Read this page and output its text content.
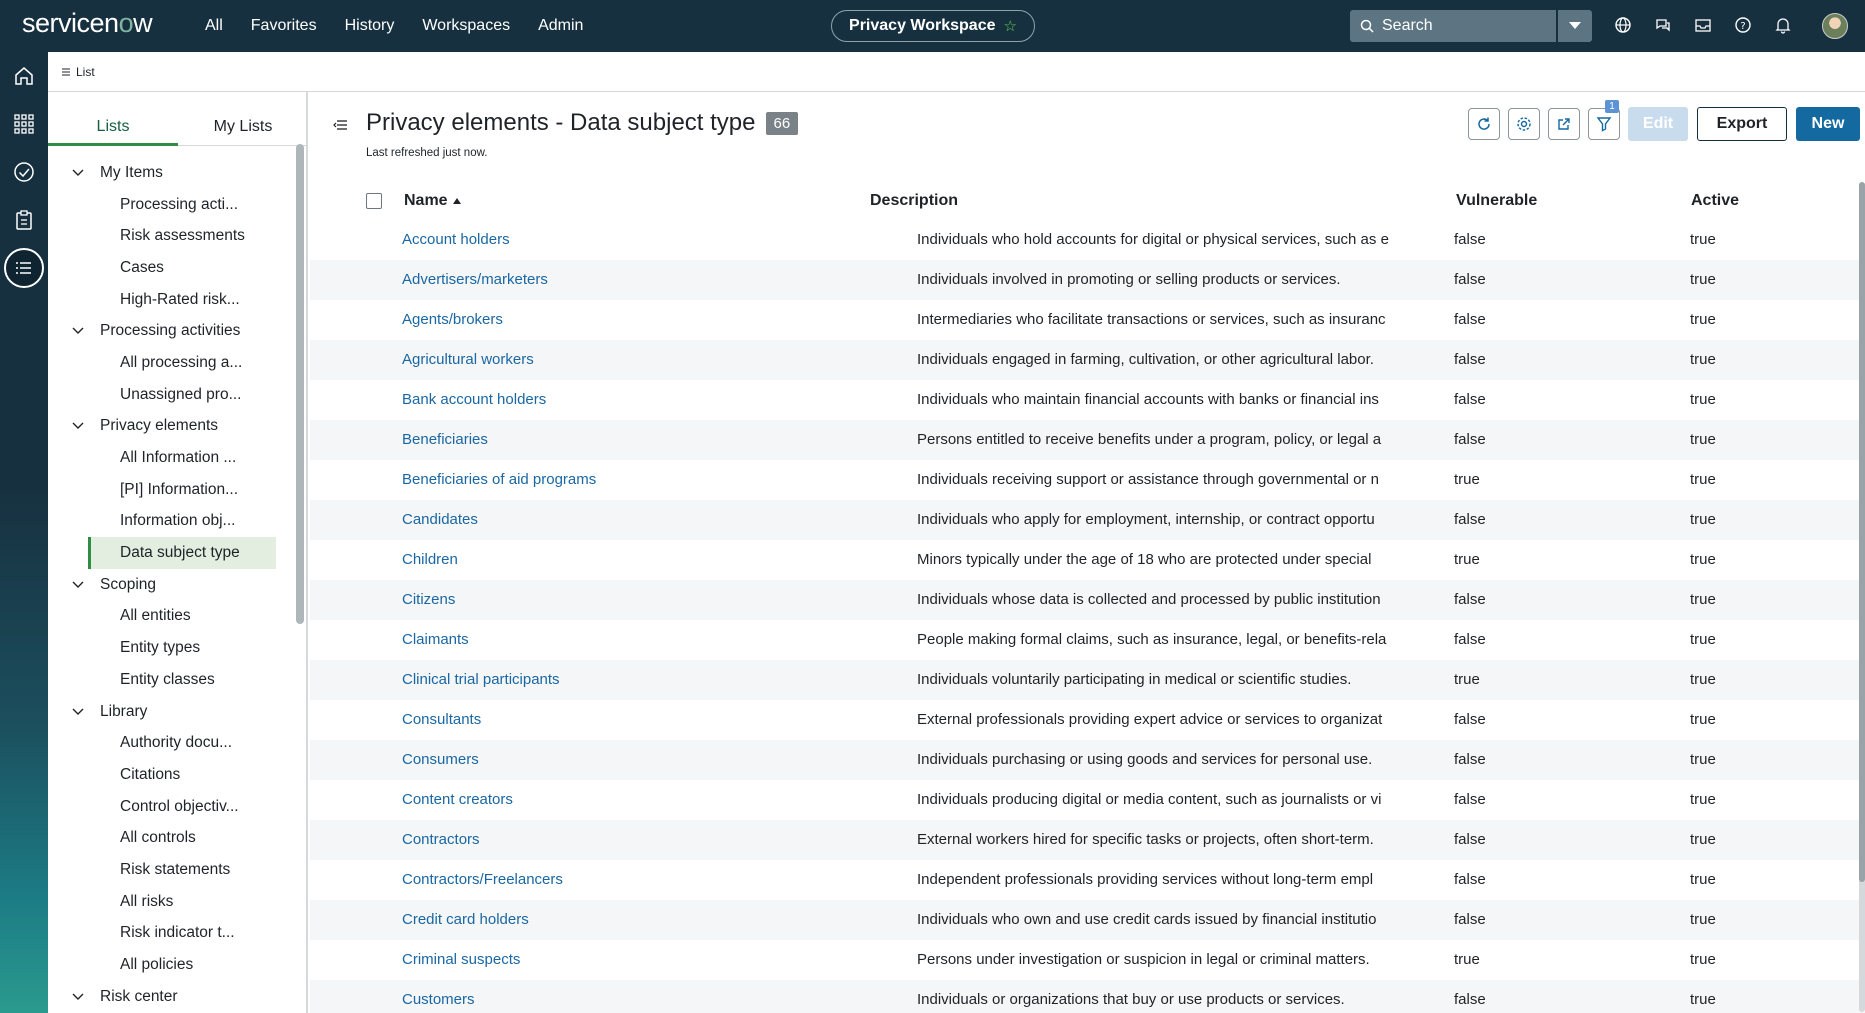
servicenow	All Favorites History Workspaces Admin	Privacy Workspace ☆	Search	?
List
Lists	My Lists
My Items
Processing acti...
Risk assessments
Cases
High-Rated risk...
Processing activities
All processing a...
Unassigned pro...
Privacy elements
All Information ...
[PI] Information...
Information obj...
Data subject type
Scoping
All entities
Entity types
Entity classes
Library
Authority docu...
Citations
Control objectiv...
All controls
Risk statements
All risks
Risk indicator t...
All policies
Risk center
Privacy elements - Data subject type	66
Last refreshed just now.
1
Edit	Export	New
Name	Description	Vulnerable	Active
Account holders	Individuals who hold accounts for digital or physical services, such as e	false	true
Advertisers/marketers	Individuals involved in promoting or selling products or services.	false	true
Agents/brokers	Intermediaries who facilitate transactions or services, such as insuranc	false	true
Agricultural workers	Individuals engaged in farming, cultivation, or other agricultural labor.	false	true
Bank account holders	Individuals who maintain financial accounts with banks or financial ins	false	true
Beneficiaries	Persons entitled to receive benefits under a program, policy, or legal a	false	true
Beneficiaries of aid programs	Individuals receiving support or assistance through governmental or n	true	true
Candidates	Individuals who apply for employment, internship, or contract opportu	false	true
Children	Minors typically under the age of 18 who are protected under special	true	true
Citizens	Individuals whose data is collected and processed by public institution	false	true
Claimants	People making formal claims, such as insurance, legal, or benefits-rela	false	true
Clinical trial participants	Individuals voluntarily participating in medical or scientific studies.	true	true
Consultants	External professionals providing expert advice or services to organizat	false	true
Consumers	Individuals purchasing or using goods and services for personal use.	false	true
Content creators	Individuals producing digital or media content, such as journalists or vi	false	true
Contractors	External workers hired for specific tasks or projects, often short-term.	false	true
Contractors/Freelancers	Independent professionals providing services without long-term empl	false	true
Credit card holders	Individuals who own and use credit cards issued by financial institutio	false	true
Criminal suspects	Persons under investigation or suspicion in legal or criminal matters.	true	true
Customers	Individuals or organizations that buy or use products or services.	false	true
